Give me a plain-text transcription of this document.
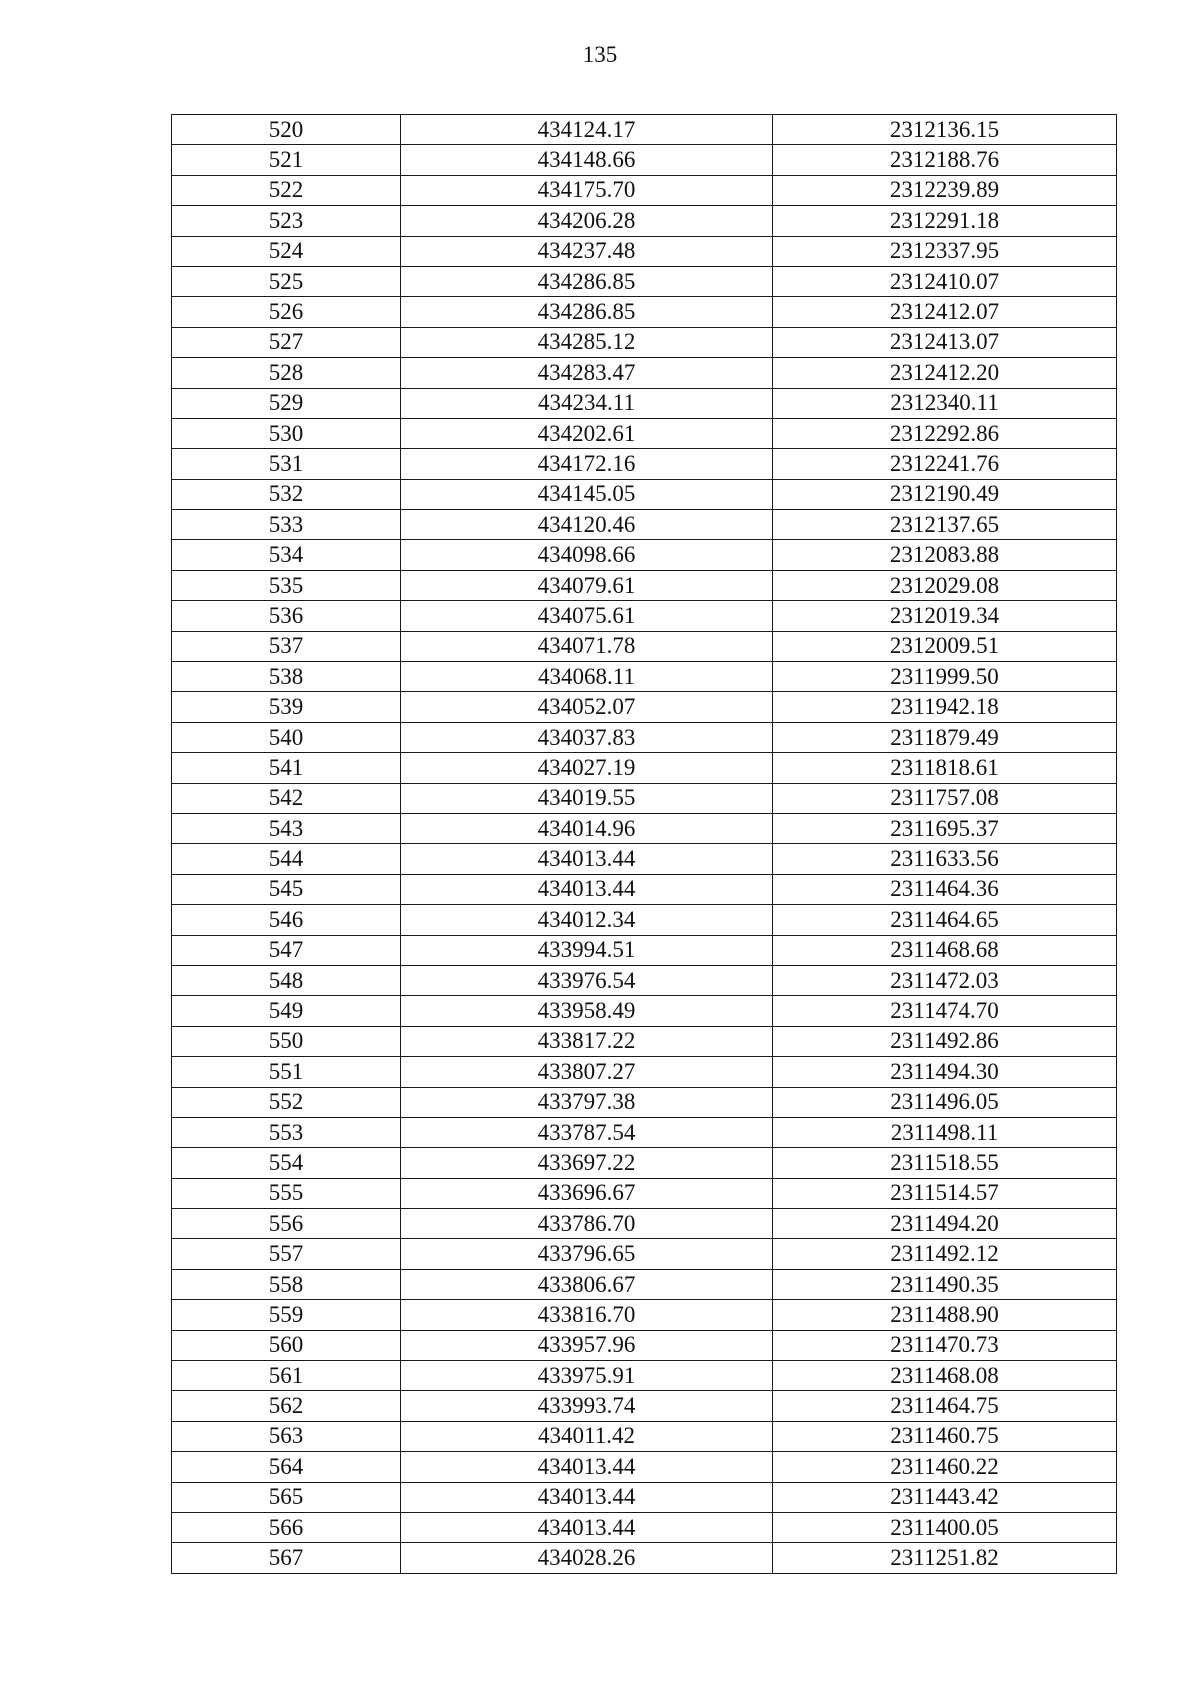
135
520	434124.17	2312136.15
521	434148.66	2312188.76
522	434175.70	2312239.89
523	434206.28	2312291.18
524	434237.48	2312337.95
525	434286.85	2312410.07
526	434286.85	2312412.07
527	434285.12	2312413.07
528	434283.47	2312412.20
529	434234.11	2312340.11
530	434202.61	2312292.86
531	434172.16	2312241.76
532	434145.05	2312190.49
533	434120.46	2312137.65
534	434098.66	2312083.88
535	434079.61	2312029.08
536	434075.61	2312019.34
537	434071.78	2312009.51
538	434068.11	2311999.50
539	434052.07	2311942.18
540	434037.83	2311879.49
541	434027.19	2311818.61
542	434019.55	2311757.08
543	434014.96	2311695.37
544	434013.44	2311633.56
545	434013.44	2311464.36
546	434012.34	2311464.65
547	433994.51	2311468.68
548	433976.54	2311472.03
549	433958.49	2311474.70
550	433817.22	2311492.86
551	433807.27	2311494.30
552	433797.38	2311496.05
553	433787.54	2311498.11
554	433697.22	2311518.55
555	433696.67	2311514.57
556	433786.70	2311494.20
557	433796.65	2311492.12
558	433806.67	2311490.35
559	433816.70	2311488.90
560	433957.96	2311470.73
561	433975.91	2311468.08
562	433993.74	2311464.75
563	434011.42	2311460.75
564	434013.44	2311460.22
565	434013.44	2311443.42
566	434013.44	2311400.05
567	434028.26	2311251.82
